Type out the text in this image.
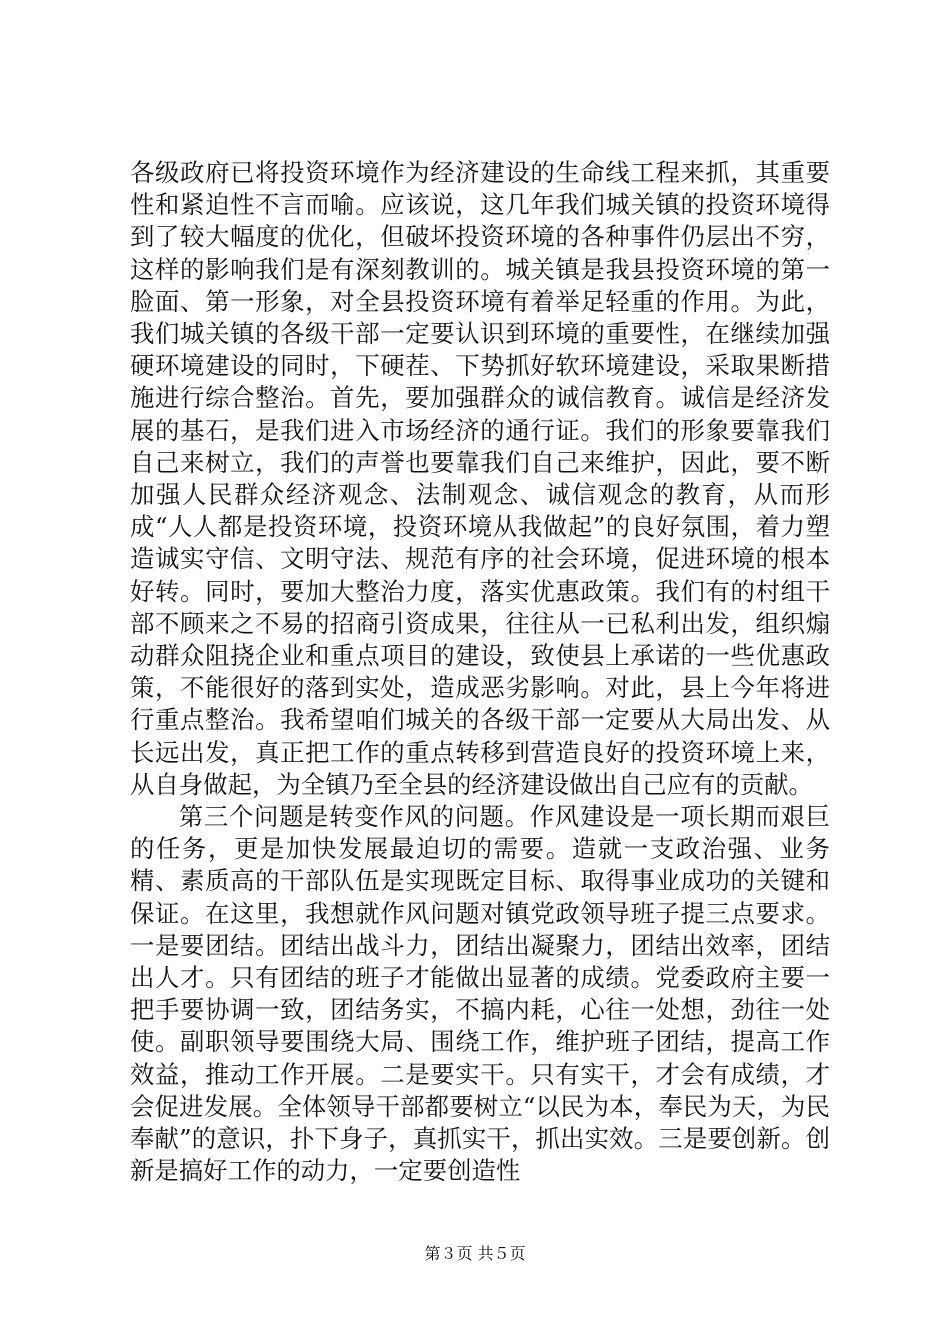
各级政府已将投资环境作为经济建设的生命线工程来抓，其重要性和紧迫性不言而喻。应该说，这几年我们城关镇的投资环境得到了较大幅度的优化，但破坏投资环境的各种事件仍层出不穷，这样的影响我们是有深刻教训的。城关镇是我县投资环境的第一脸面、第一形象，对全县投资环境有着举足轻重的作用。为此，我们城关镇的各级干部一定要认识到环境的重要性，在继续加强硬环境建设的同时，下硬茬、下势抓好软环境建设，采取果断措施进行综合整治。首先，要加强群众的诚信教育。诚信是经济发展的基石，是我们进入市场经济的通行证。我们的形象要靠我们自己来树立，我们的声誉也要靠我们自己来维护，因此，要不断加强人民群众经济观念、法制观念、诚信观念的教育，从而形成“人人都是投资环境，投资环境从我做起”的良好氛围，着力塑造诚实守信、文明守法、规范有序的社会环境，促进环境的根本好转。同时，要加大整治力度，落实优惠政策。我们有的村组干部不顾来之不易的招商引资成果，往往从一已私利出发，组织煽动群众阻挠企业和重点项目的建设，致使县上承诺的一些优惠政策，不能很好的落到实处，造成恶劣影响。对此，县上今年将进行重点整治。我希望咱们城关的各级干部一定要从大局出发、从长远出发，真正把工作的重点转移到营造良好的投资环境上来，从自身做起，为全镇乃至全县的经济建设做出自己应有的贡献。

第三个问题是转变作风的问题。作风建设是一项长期而艰巨的任务，更是加快发展最迫切的需要。造就一支政治强、业务精、素质高的干部队伍是实现既定目标、取得事业成功的关键和保证。在这里，我想就作风问题对镇党政领导班子提三点要求。一是要团结。团结出战斗力，团结出凝聚力，团结出效率，团结出人才。只有团结的班子才能做出显著的成绩。党委政府主要一把手要协调一致，团结务实，不搞内耗，心往一处想，劲往一处使。副职领导要围绕大局、围绕工作，维护班子团结，提高工作效益，推动工作开展。二是要实干。只有实干，才会有成绩，才会促进发展。全体领导干部都要树立“以民为本，奉民为天，为民奉献”的意识，扑下身子，真抓实干，抓出实效。三是要创新。创新是搞好工作的动力，一定要创造性

第３页 共５页
